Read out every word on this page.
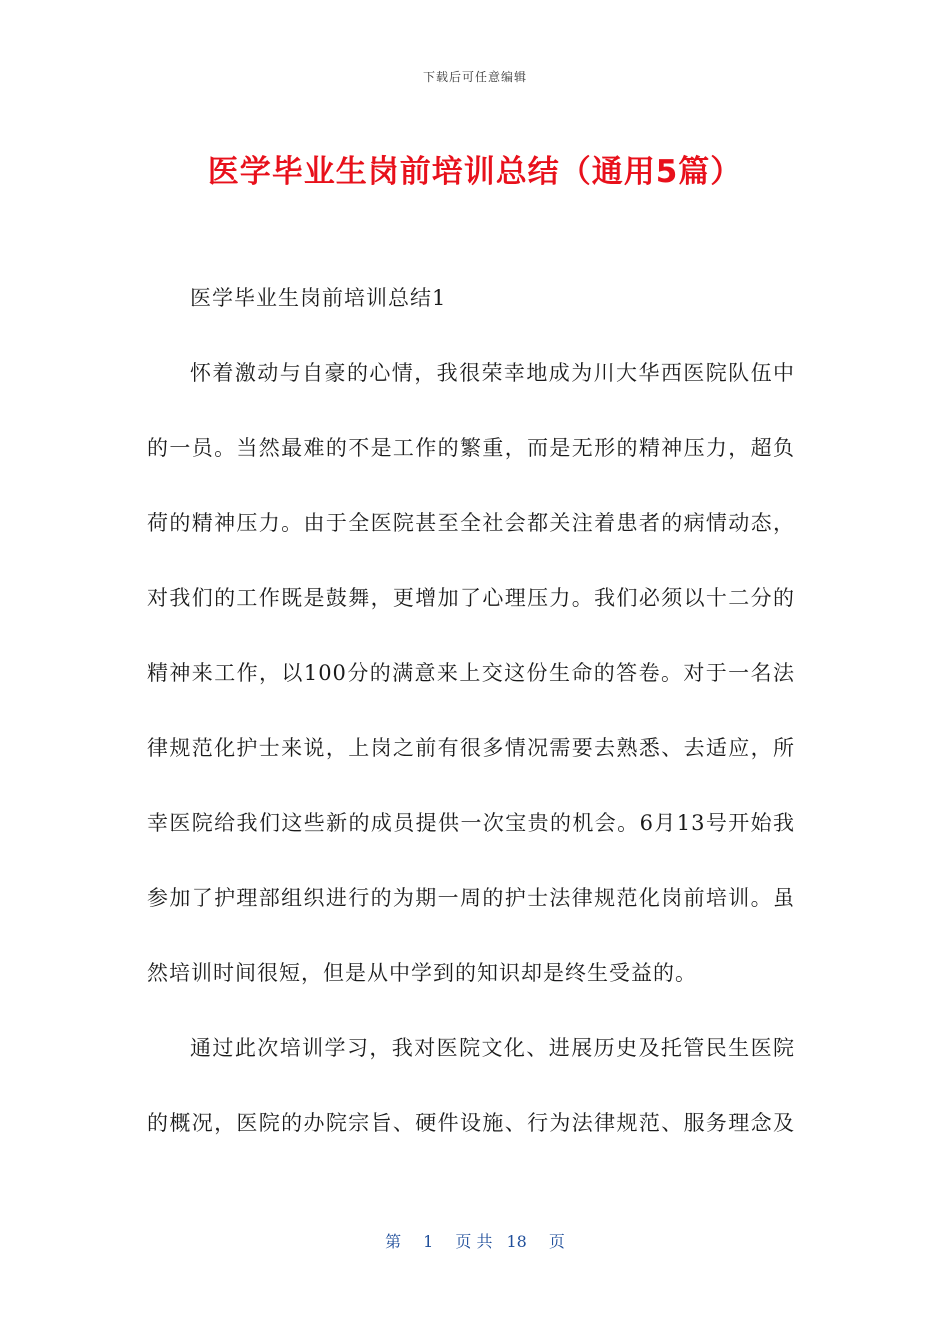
下载后可任意编辑
医学毕业生岗前培训总结（通用5篇）
医学毕业生岗前培训总结1
怀着激动与自豪的心情，我很荣幸地成为川大华西医院队伍中
的一员。当然最难的不是工作的繁重，而是无形的精神压力，超负
荷的精神压力。由于全医院甚至全社会都关注着患者的病情动态，
对我们的工作既是鼓舞，更增加了心理压力。我们必须以十二分的
精神来工作，以100分的满意来上交这份生命的答卷。对于一名法
律规范化护士来说，上岗之前有很多情况需要去熟悉、去适应，所
幸医院给我们这些新的成员提供一次宝贵的机会。6月13号开始我
参加了护理部组织进行的为期一周的护士法律规范化岗前培训。虽
然培训时间很短，但是从中学到的知识却是终生受益的。
通过此次培训学习，我对医院文化、进展历史及托管民生医院
的概况，医院的办院宗旨、硬件设施、行为法律规范、服务理念及
第 1 页 共 18 页
